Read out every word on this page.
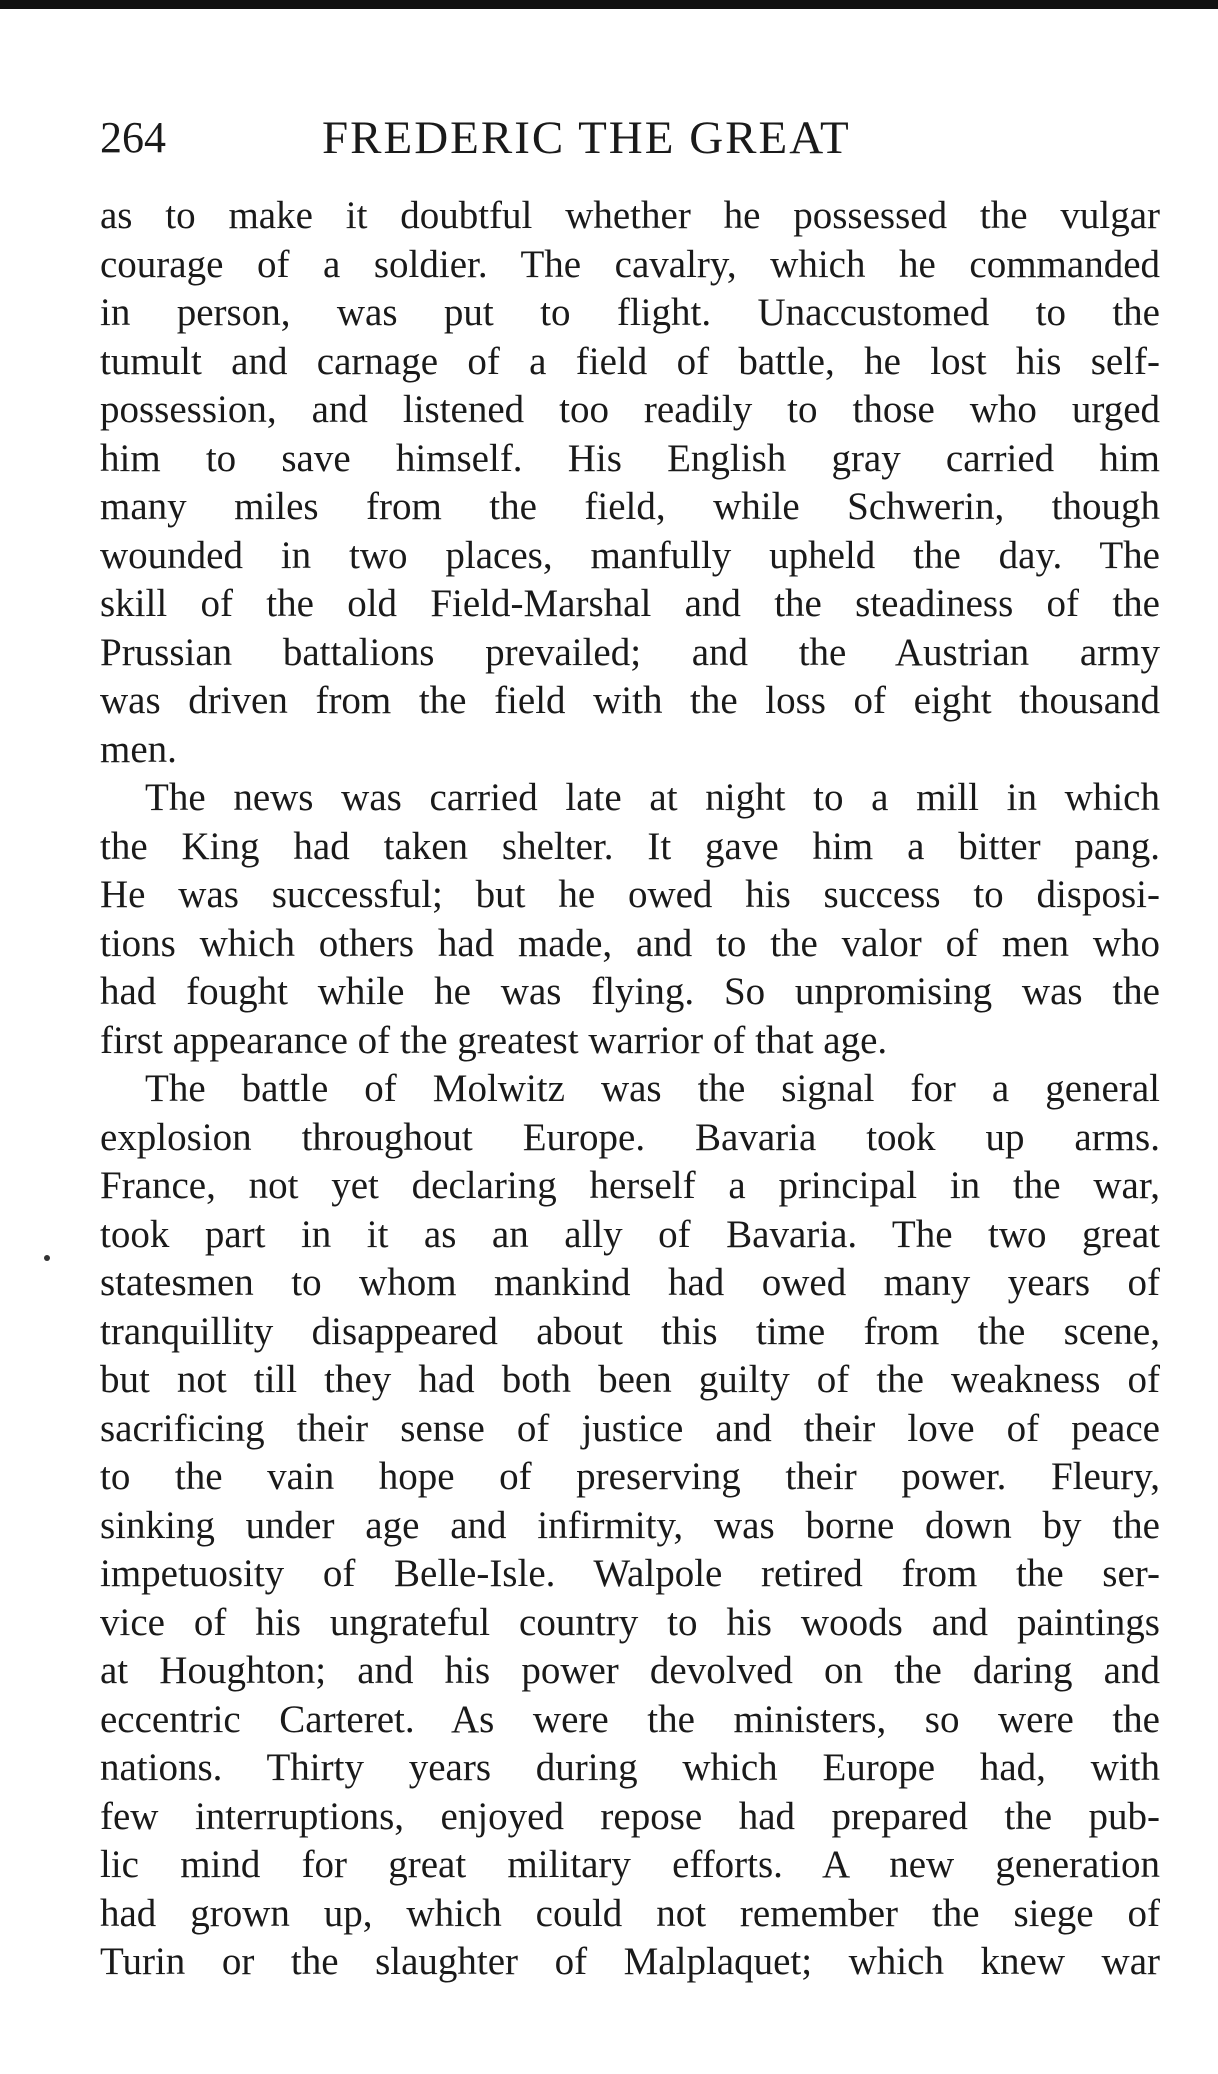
264	FREDERIC THE GREAT
as to make it doubtful whether he possessed the vulgar
courage of a soldier. The cavalry, which he commanded
in person, was put to flight. Unaccustomed to the
tumult and carnage of a field of battle, he lost his self-
possession, and listened too readily to those who urged
him to save himself. His English gray carried him
many miles from the field, while Schwerin, though
wounded in two places, manfully upheld the day. The
skill of the old Field-Marshal and the steadiness of the
Prussian battalions prevailed; and the Austrian army
was driven from the field with the loss of eight thousand
men.
The news was carried late at night to a mill in which
the King had taken shelter. It gave him a bitter pang.
He was successful; but he owed his success to disposi-
tions which others had made, and to the valor of men who
had fought while he was flying. So unpromising was the
first appearance of the greatest warrior of that age.
The battle of Molwitz was the signal for a general
explosion throughout Europe. Bavaria took up arms.
France, not yet declaring herself a principal in the war,
took part in it as an ally of Bavaria. The two great
statesmen to whom mankind had owed many years of
tranquillity disappeared about this time from the scene,
but not till they had both been guilty of the weakness of
sacrificing their sense of justice and their love of peace
to the vain hope of preserving their power. Fleury,
sinking under age and infirmity, was borne down by the
impetuosity of Belle-Isle. Walpole retired from the ser-
vice of his ungrateful country to his woods and paintings
at Houghton; and his power devolved on the daring and
eccentric Carteret. As were the ministers, so were the
nations. Thirty years during which Europe had, with
few interruptions, enjoyed repose had prepared the pub-
lic mind for great military efforts. A new generation
had grown up, which could not remember the siege of
Turin or the slaughter of Malplaquet; which knew war
